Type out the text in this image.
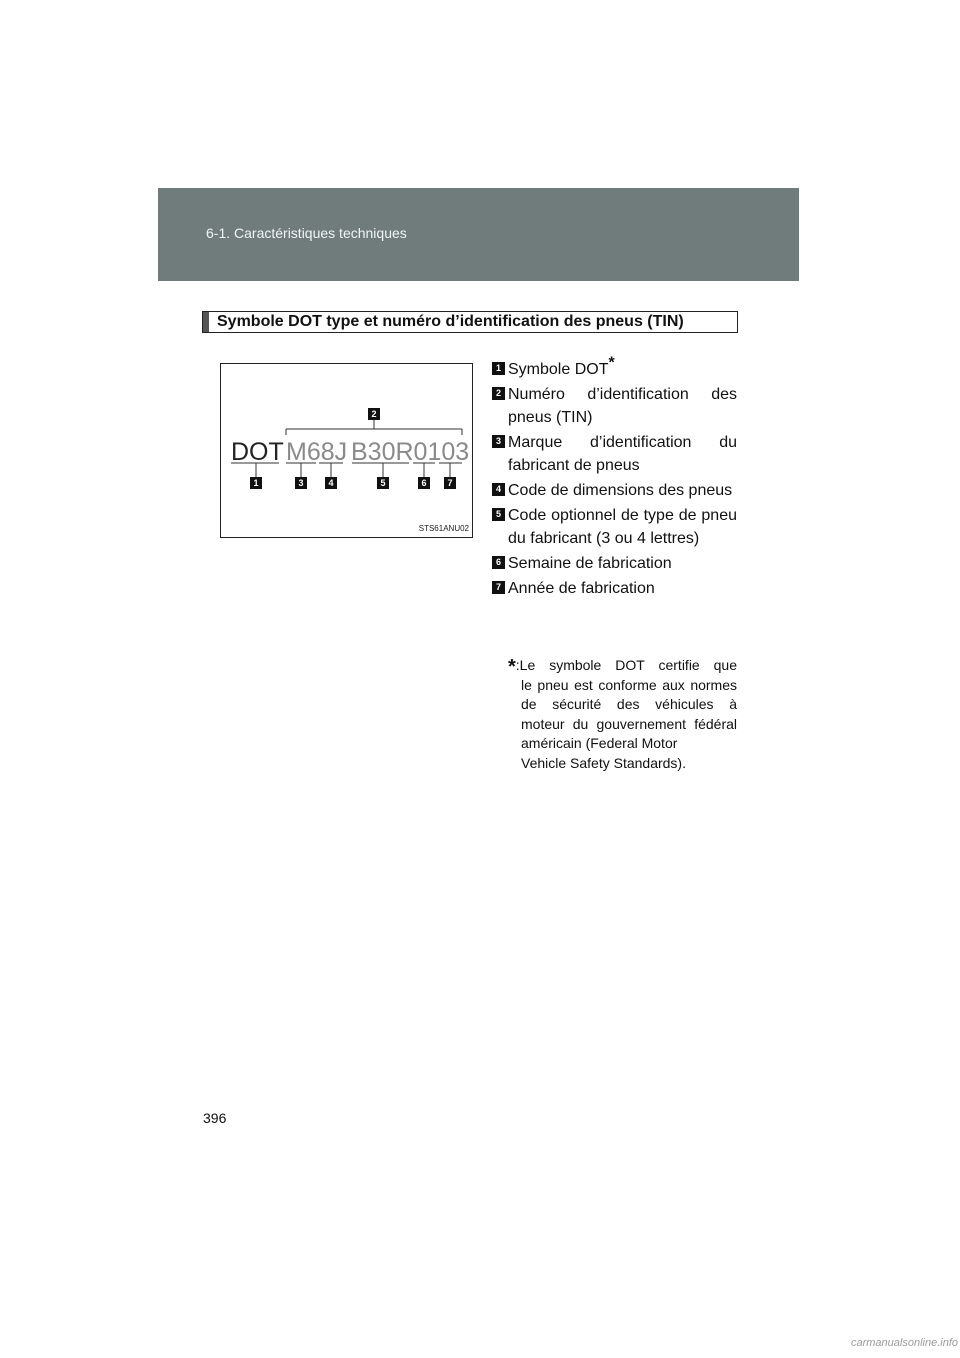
6-1. Caractéristiques techniques
Symbole DOT type et numéro d’identification des pneus (TIN)
2
DOT M68J B30R0103
1	3	4	5	6 7
STS61ANU02
1 Symbole DOT*
2 Numéro d’identification des pneus (TIN)
3 Marque d’identification du fabricant de pneus
4 Code de dimensions des pneus
5 Code optionnel de type de pneu du fabricant (3 ou 4 lettres)
6 Semaine de fabrication
7 Année de fabrication
*:Le symbole DOT certifie que
le pneu est conforme aux normes de sécurité des véhicules à moteur du gouvernement fédéral américain (Federal Motor
Vehicle Safety Standards).
396
carmanualsonline.info
